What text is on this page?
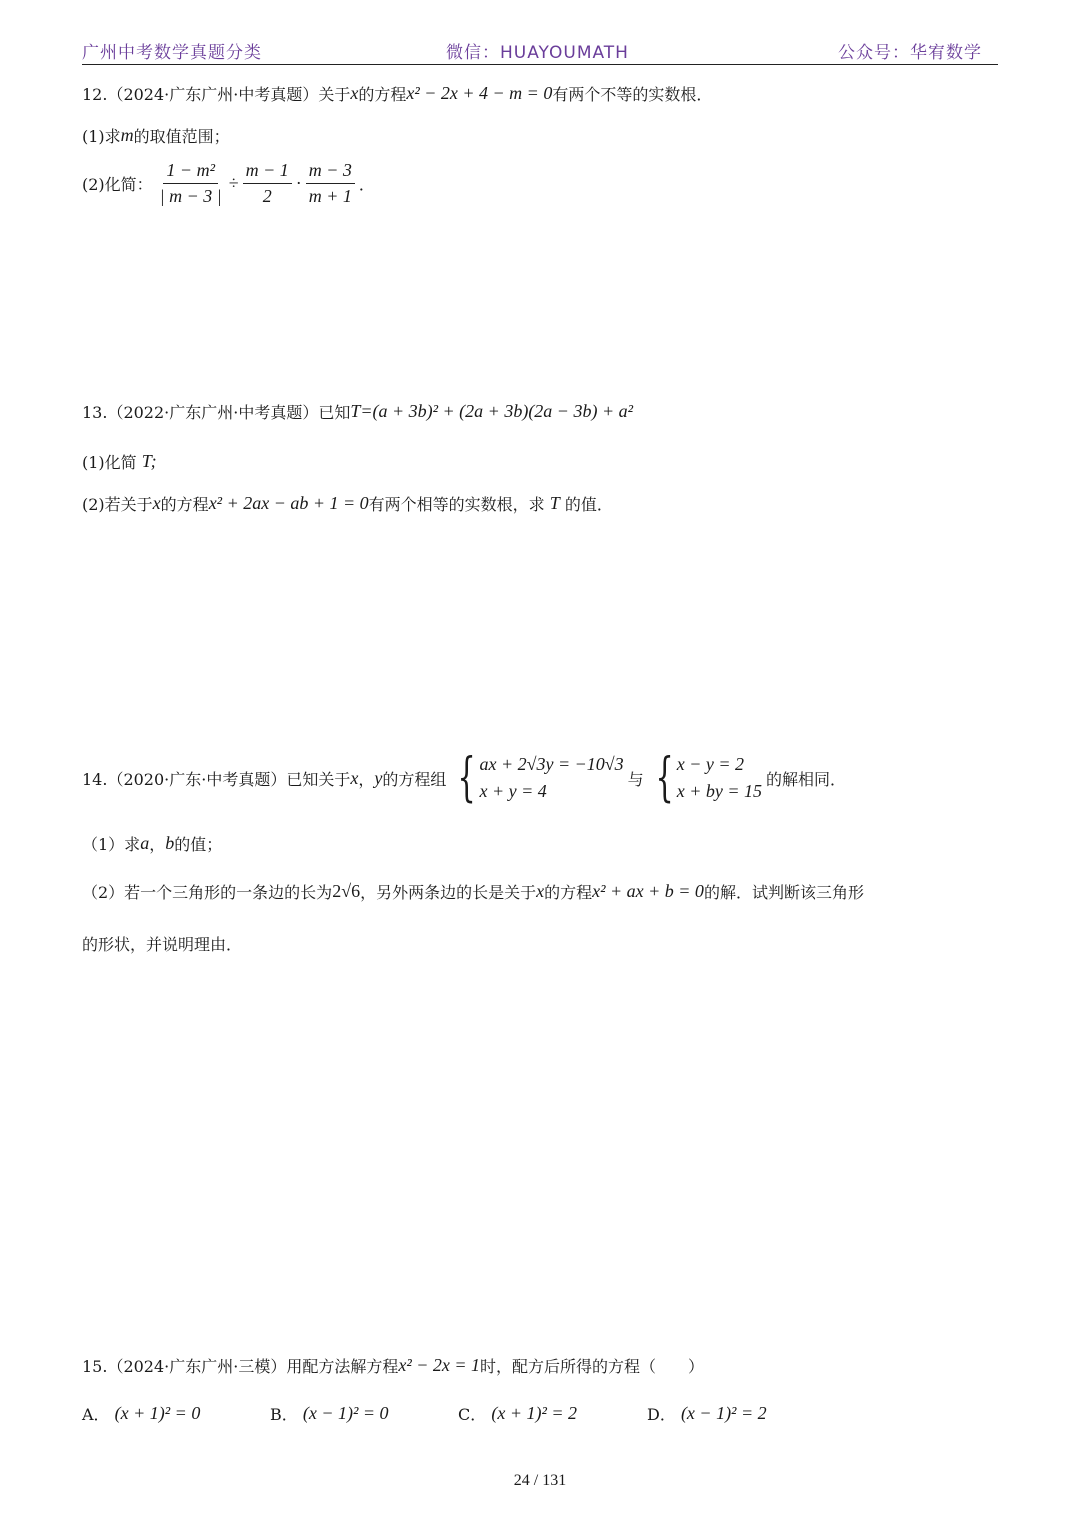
广州中考数学真题分类	微信：HUAYOUMATH	公众号：华宥数学
12.（2024·广东广州·中考真题）关于 x 的方程 x² − 2x + 4 − m = 0 有两个不等的实数根．
(1)求 m 的取值范围；
(2)化简： $\frac{\text{1 − m²}}{| m - 3 |} \div \frac{m - 1}{2} \cdot \frac{m - 3}{m + 1}$ ．
13.（2022·广东广州·中考真题）已知 T=(a + 3b)² + (2a + 3b)(2a − 3b) + a²
(1)化简
T;
(2)若关于 x 的方程 x² + 2ax − ab + 1 = 0 有两个相等的实数根，求
T
的值．
14.（2020·广东·中考真题）已知关于 x ， y 的方程组 { ax + 2√3y = −10√3
x + y = 4
与 { x − y = 2
x + by = 15
的解相同．
（1）求 a ， b 的值；
（2）若一个三角形的一条边的长为 2√6 ，另外两条边的长是关于 x 的方程 x² + ax + b = 0 的解．试判断该三角形
的形状，并说明理由．
15.（2024·广东广州·三模）用配方法解方程 x² − 2x = 1 时，配方后所得的方程（　　）
A．
(x + 1)² = 0	B．
(x − 1)² = 0	C．
(x + 1)² = 2	D．
(x − 1)² = 2
24 / 131
